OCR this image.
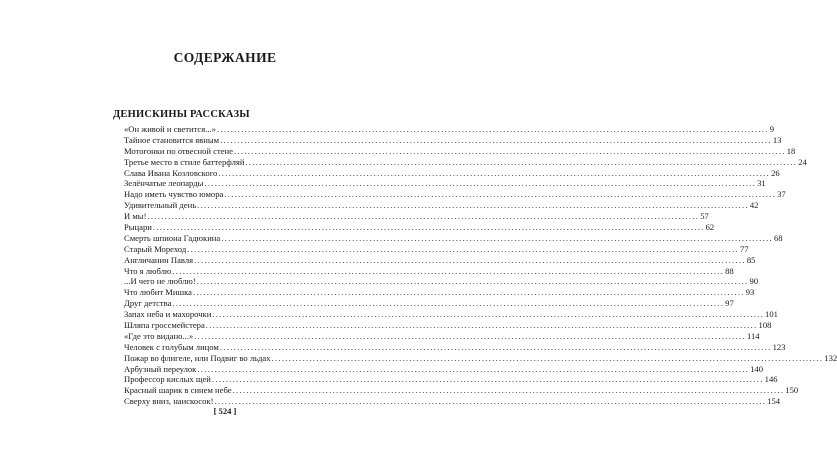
СОДЕРЖАНИЕ
ДЕНИСКИНЫ РАССКАЗЫ
«Он живой и светится...» ................................................................................................................................................................ 9
Тайное становится явным ................................................................................................................................................................ 13
Мотогонки по отвесной стене ................................................................................................................................................................ 18
Третье место в стиле баттерфляй ................................................................................................................................................................ 24
Слава Ивана Козловского ................................................................................................................................................................ 26
Зелёнчатые леопарды ................................................................................................................................................................ 31
Надо иметь чувство юмора ................................................................................................................................................................ 37
Удивительный день ................................................................................................................................................................ 42
И мы! ................................................................................................................................................................ 57
Рыцари ................................................................................................................................................................ 62
Смерть шпиона Гадюкина ................................................................................................................................................................ 68
Старый Мореход ................................................................................................................................................................ 77
Англичанин Павля ................................................................................................................................................................ 85
Что я люблю ................................................................................................................................................................ 88
...И чего не люблю! ................................................................................................................................................................ 90
Что любит Мишка ................................................................................................................................................................ 93
Друг детства ................................................................................................................................................................ 97
Запах неба и махорочки ................................................................................................................................................................ 101
Шляпа гроссмейстера ................................................................................................................................................................ 108
«Где это видано...» ................................................................................................................................................................ 114
Человек с голубым лицом ................................................................................................................................................................ 123
Пожар во флигеле, или Подвиг во льдах ................................................................................................................................................................ 132
Арбузный переулок ................................................................................................................................................................ 140
Профессор кислых щей ................................................................................................................................................................ 146
Красный шарик в синем небе ................................................................................................................................................................ 150
Сверху вниз, наискосок! ................................................................................................................................................................ 154
[ 524 ]
